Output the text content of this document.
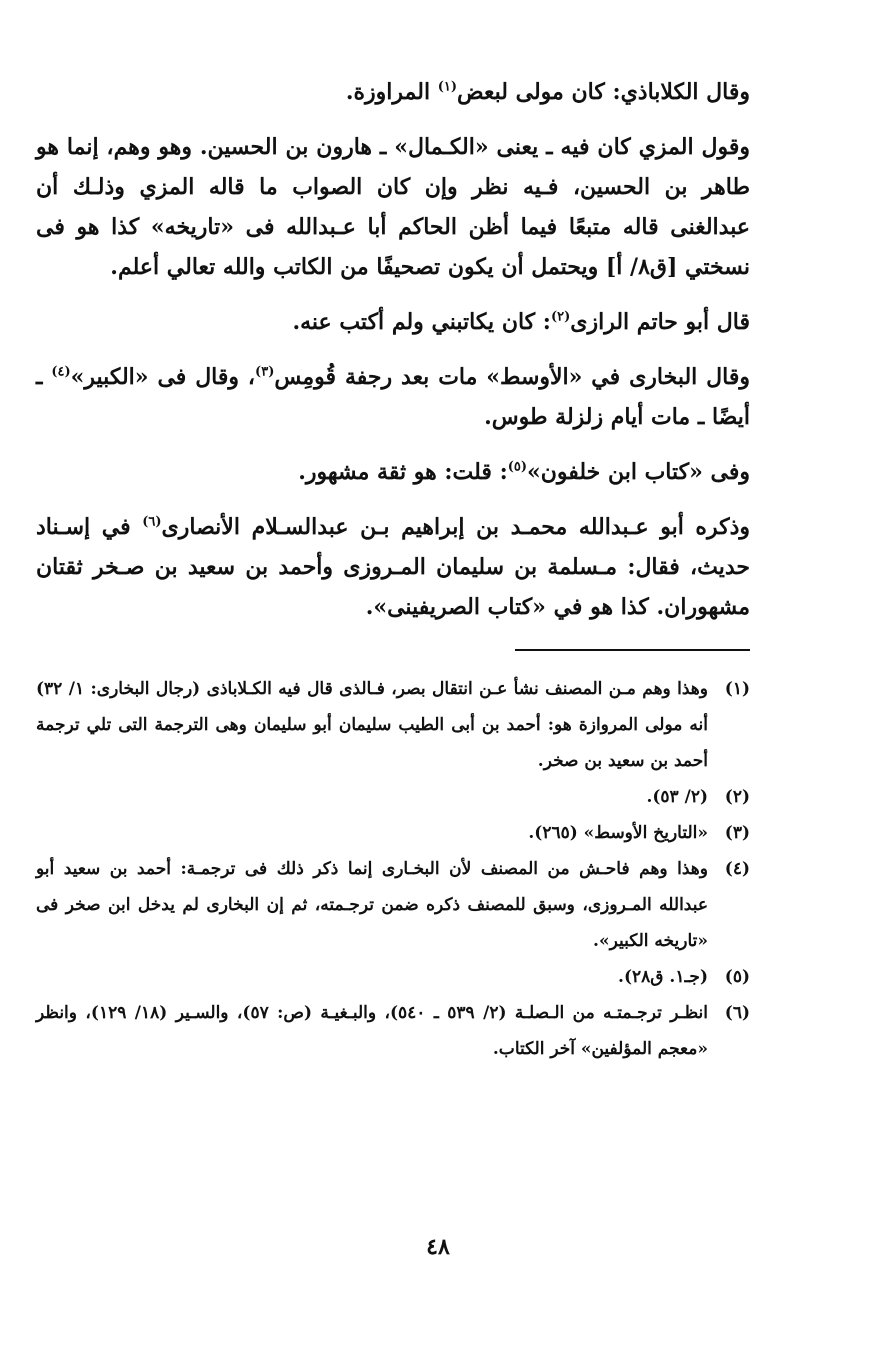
وقال الكلاباذي: كان مولى لبعض$^{(١)}$ المراوزة.

وقول المزي كان فيه ـ يعنى «الكـمال» ـ هارون بن الحسين. وهو وهم، إنما هو طاهر بن الحسين، فـيه نظر وإن كان الصواب ما قاله المزي وذلـك أن عبدالغنى قاله متبعًا فيما أظن الحاكم أبا عـبدالله فى «تاريخه» كذا هو فى نسختي [ق٨/ أ] ويحتمل أن يكون تصحيفًا من الكاتب والله تعالي أعلم.

قال أبو حاتم الرازى$^{(٢)}$: كان يكاتبني ولم أكتب عنه.

وقال البخارى في «الأوسط» مات بعد رجفة قُومِس$^{(٣)}$، وقال فى «الكبير»$^{(٤)}$ ـ أيضًا ـ مات أيام زلزلة طوس.

وفى «كتاب ابن خلفون»$^{(٥)}$: قلت: هو ثقة مشهور.

وذكره أبو عـبدالله محمـد بن إبراهيم بـن عبدالسـلام الأنصارى$^{(٦)}$ في إسـناد حديث، فقال: مـسلمة بن سليمان المـروزى وأحمد بن سعيد بن صـخر ثقتان مشهوران. كذا هو في «كتاب الصريفينى».

(١)
وهذا وهم مـن المصنف نشأ عـن انتقال بصر، فـالذى قال فيه الكـلاباذى (رجال البخارى: ١/ ٣٢) أنه مولى المروازة هو: أحمد بن أبى الطيب سليمان أبو سليمان وهى الترجمة التى تلي ترجمة أحمد بن سعيد بن صخر.
(٢)
(٢/ ٥٣).
(٣)
«التاريخ الأوسط» (٢٦٥).
(٤)
وهذا وهم فاحـش من المصنف لأن البخـارى إنما ذكر ذلك فى ترجمـة: أحمد بن سعيد أبو عبدالله المـروزى، وسبق للمصنف ذكره ضمن ترجـمته، ثم إن البخارى لم يدخل ابن صخر فى «تاريخه الكبير».
(٥)
(جـ١. ق٢٨).
(٦)
انظـر ترجـمتـه من الـصلـة (٢/ ٥٣٩ ـ ٥٤٠)، والبـغيـة (ص: ٥٧)، والسـير (١٨/ ١٢٩)، وانظر «معجم المؤلفين» آخر الكتاب.
٤٨
